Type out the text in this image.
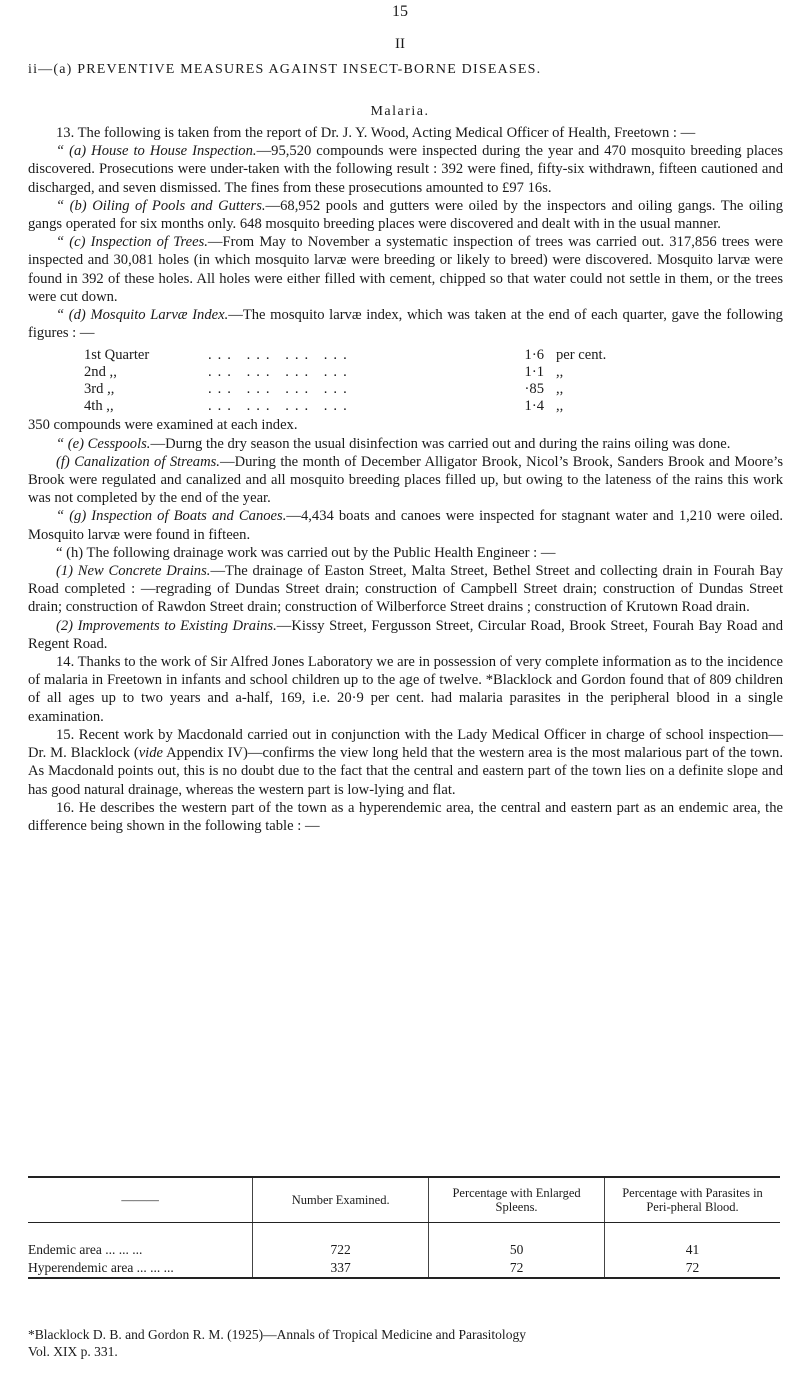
15
II
ii—(a) PREVENTIVE MEASURES AGAINST INSECT-BORNE DISEASES.
Malaria.

13. The following is taken from the report of Dr. J. Y. Wood, Acting Medical Officer of Health, Freetown : —

“ (a) House to House Inspection.—95,520 compounds were inspected during the year and 470 mosquito breeding places discovered. Prosecutions were under-taken with the following result : 392 were fined, fifty-six withdrawn, fifteen cautioned and discharged, and seven dismissed. The fines from these prosecutions amounted to £97 16s.

“ (b) Oiling of Pools and Gutters.—68,952 pools and gutters were oiled by the inspectors and oiling gangs. The oiling gangs operated for six months only. 648 mosquito breeding places were discovered and dealt with in the usual manner.

“ (c) Inspection of Trees.—From May to November a systematic inspection of trees was carried out. 317,856 trees were inspected and 30,081 holes (in which mosquito larvæ were breeding or likely to breed) were discovered. Mosquito larvæ were found in 392 of these holes. All holes were either filled with cement, chipped so that water could not settle in them, or the trees were cut down.

“ (d) Mosquito Larvæ Index.—The mosquito larvæ index, which was taken at the end of each quarter, gave the following figures : —

1st Quarter	... ... ... ...	1·6 per cent.
2nd ,,	... ... ... ...	1·1 ,,
3rd ,,	... ... ... ...	·85 ,,
4th ,,	... ... ... ...	1·4 ,,

350 compounds were examined at each index.

“ (e) Cesspools.—Durng the dry season the usual disinfection was carried out and during the rains oiling was done.

(f) Canalization of Streams.—During the month of December Alligator Brook, Nicol’s Brook, Sanders Brook and Moore’s Brook were regulated and canalized and all mosquito breeding places filled up, but owing to the lateness of the rains this work was not completed by the end of the year.

“ (g) Inspection of Boats and Canoes.—4,434 boats and canoes were inspected for stagnant water and 1,210 were oiled. Mosquito larvæ were found in fifteen.

“ (h) The following drainage work was carried out by the Public Health Engineer : —

(1) New Concrete Drains.—The drainage of Easton Street, Malta Street, Bethel Street and collecting drain in Fourah Bay Road completed : —regrading of Dundas Street drain; construction of Campbell Street drain; construction of Dundas Street drain; construction of Rawdon Street drain; construction of Wilberforce Street drains ; construction of Krutown Road drain.

(2) Improvements to Existing Drains.—Kissy Street, Fergusson Street, Circular Road, Brook Street, Fourah Bay Road and Regent Road.

14. Thanks to the work of Sir Alfred Jones Laboratory we are in possession of very complete information as to the incidence of malaria in Freetown in infants and school children up to the age of twelve. *Blacklock and Gordon found that of 809 children of all ages up to two years and a-half, 169, i.e. 20·9 per cent. had malaria parasites in the peripheral blood in a single examination.

15. Recent work by Macdonald carried out in conjunction with the Lady Medical Officer in charge of school inspection—Dr. M. Blacklock (vide Appendix IV)—confirms the view long held that the western area is the most malarious part of the town. As Macdonald points out, this is no doubt due to the fact that the central and eastern part of the town lies on a definite slope and has good natural drainage, whereas the western part is low-lying and flat.

16. He describes the western part of the town as a hyperendemic area, the central and eastern part as an endemic area, the difference being shown in the following table : —

———	Number Examined.	Percentage with Enlarged Spleens.	Percentage with Parasites in Peri-pheral Blood.
Endemic area ... ... ...	722	50	41
Hyperendemic area ... ... ...	337	72	72
*Blacklock D. B. and Gordon R. M. (1925)—Annals of Tropical Medicine and Parasitology
Vol. XIX p. 331.
